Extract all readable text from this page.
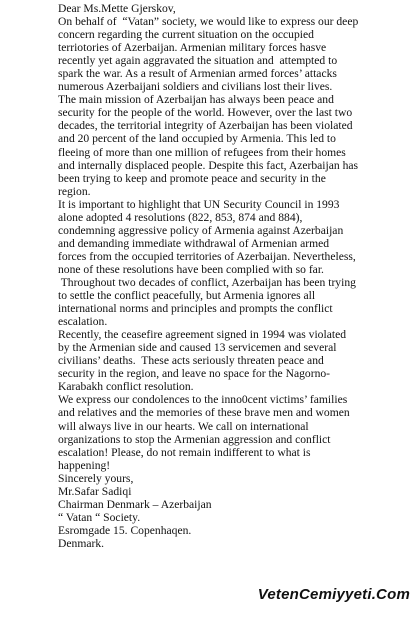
Dear Ms.Mette Gjerskov,
On behalf of  “Vatan” society, we would like to express our deep
concern regarding the current situation on the occupied
terriotories of Azerbaijan. Armenian military forces hasve
recently yet again aggravated the situation and  attempted to
spark the war. As a result of Armenian armed forces’ attacks
numerous Azerbaijani soldiers and civilians lost their lives.
The main mission of Azerbaijan has always been peace and
security for the people of the world. However, over the last two
decades, the territorial integrity of Azerbaijan has been violated
and 20 percent of the land occupied by Armenia. This led to
fleeing of more than one million of refugees from their homes
and internally displaced people. Despite this fact, Azerbaijan has
been trying to keep and promote peace and security in the
region.
It is important to highlight that UN Security Council in 1993
alone adopted 4 resolutions (822, 853, 874 and 884),
condemning aggressive policy of Armenia against Azerbaijan
and demanding immediate withdrawal of Armenian armed
forces from the occupied territories of Azerbaijan. Nevertheless,
none of these resolutions have been complied with so far.
Throughout two decades of conflict, Azerbaijan has been trying
to settle the conflict peacefully, but Armenia ignores all
international norms and principles and prompts the conflict
escalation.
Recently, the ceasefire agreement signed in 1994 was violated
by the Armenian side and caused 13 servicemen and several
civilians’ deaths.  These acts seriously threaten peace and
security in the region, and leave no space for the Nagorno-
Karabakh conflict resolution.
We express our condolences to the inno0cent victims’ families
and relatives and the memories of these brave men and women
will always live in our hearts. We call on international
organizations to stop the Armenian aggression and conflict
escalation! Please, do not remain indifferent to what is
happening!
Sincerely yours,
Mr.Safar Sadiqi
Chairman Denmark – Azerbaijan
“ Vatan “ Society.
Esromgade 15. Copenhaqen.
Denmark.
VetenCemiyyeti.Com
